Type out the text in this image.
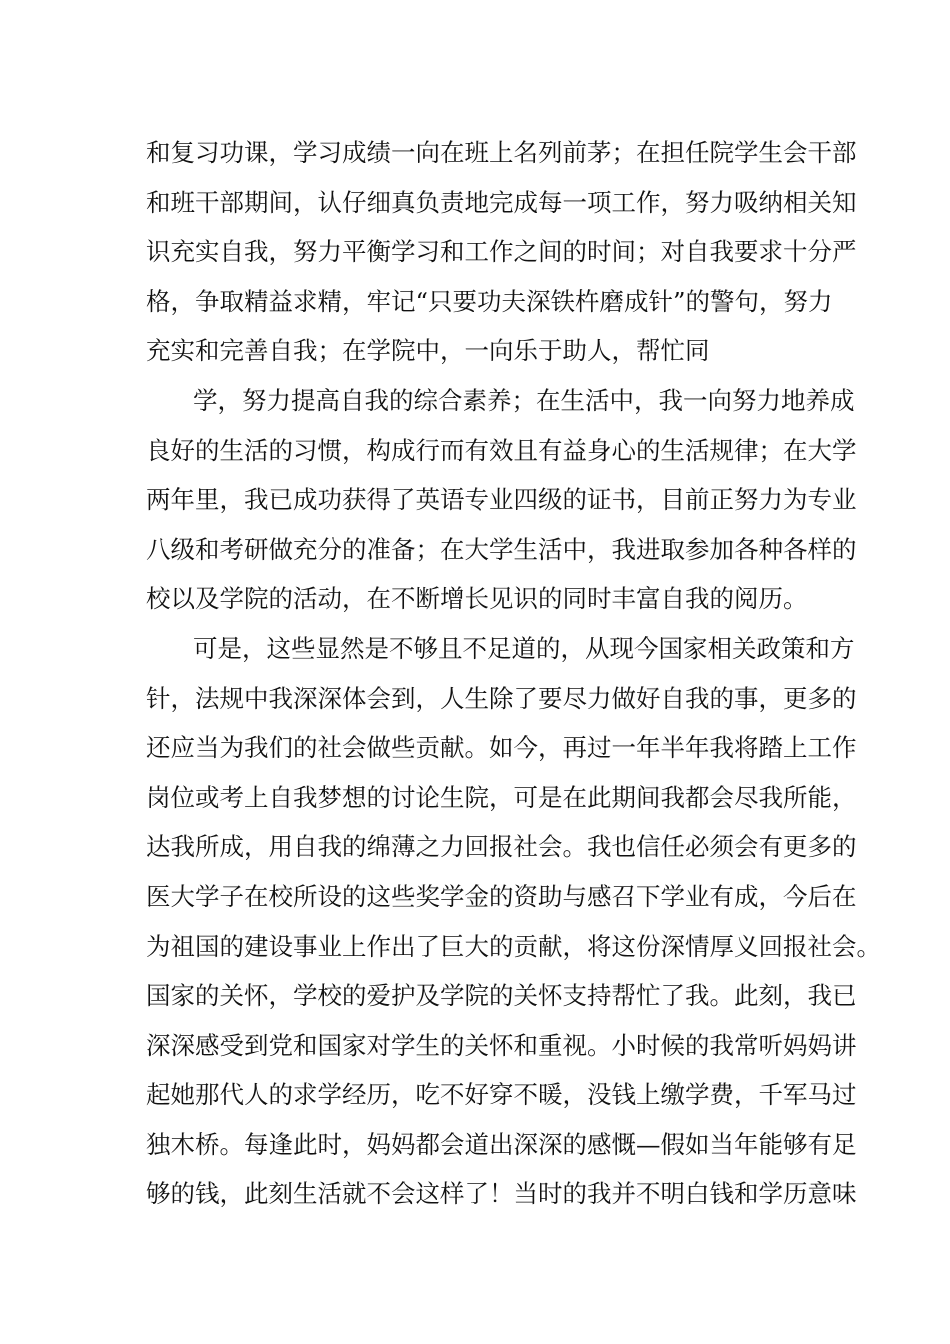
和复习功课，学习成绩一向在班上名列前茅；在担任院学生会干部
和班干部期间，认仔细真负责地完成每一项工作，努力吸纳相关知
识充实自我，努力平衡学习和工作之间的时间；对自我要求十分严
格，争取精益求精，牢记“只要功夫深铁杵磨成针”的警句，努力
充实和完善自我；在学院中，一向乐于助人，帮忙同
学，努力提高自我的综合素养；在生活中，我一向努力地养成
良好的生活的习惯，构成行而有效且有益身心的生活规律；在大学
两年里，我已成功获得了英语专业四级的证书，目前正努力为专业
八级和考研做充分的准备；在大学生活中，我进取参加各种各样的
校以及学院的活动，在不断增长见识的同时丰富自我的阅历。
可是，这些显然是不够且不足道的，从现今国家相关政策和方
针，法规中我深深体会到，人生除了要尽力做好自我的事，更多的
还应当为我们的社会做些贡献。如今，再过一年半年我将踏上工作
岗位或考上自我梦想的讨论生院，可是在此期间我都会尽我所能，
达我所成，用自我的绵薄之力回报社会。我也信任必须会有更多的
医大学子在校所设的这些奖学金的资助与感召下学业有成，今后在
为祖国的建设事业上作出了巨大的贡献，将这份深情厚义回报社会。
国家的关怀，学校的爱护及学院的关怀支持帮忙了我。此刻，我已
深深感受到党和国家对学生的关怀和重视。小时候的我常听妈妈讲
起她那代人的求学经历，吃不好穿不暖，没钱上缴学费，千军马过
独木桥。每逢此时，妈妈都会道出深深的感慨—假如当年能够有足
够的钱，此刻生活就不会这样了！当时的我并不明白钱和学历意味
